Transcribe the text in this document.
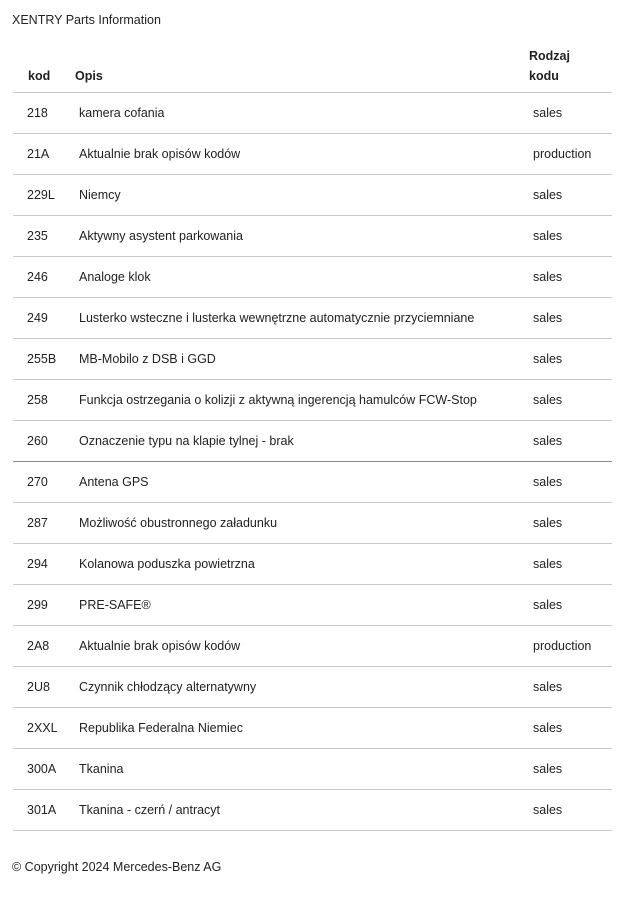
XENTRY Parts Information
kod Opis
Rodzaj
kodu
218 kamera cofania	sales
21A Aktualnie brak opisów kodów	production
229L Niemcy	sales
235 Aktywny asystent parkowania	sales
246 Analoge klok	sales
249 Lusterko wsteczne i lusterka wewnętrzne automatycznie przyciemniane	sales
255B MB-Mobilo z DSB i GGD	sales
258 Funkcja ostrzegania o kolizji z aktywną ingerencją hamulców FCW-Stop	sales
260 Oznaczenie typu na klapie tylnej - brak	sales
270 Antena GPS	sales
287 Możliwość obustronnego załadunku	sales
294 Kolanowa poduszka powietrzna	sales
299 PRE-SAFE®	sales
2A8 Aktualnie brak opisów kodów	production
2U8 Czynnik chłodzący alternatywny	sales
2XXL Republika Federalna Niemiec	sales
300A Tkanina	sales
301A Tkanina - czerń / antracyt	sales
© Copyright 2024 Mercedes-Benz AG
